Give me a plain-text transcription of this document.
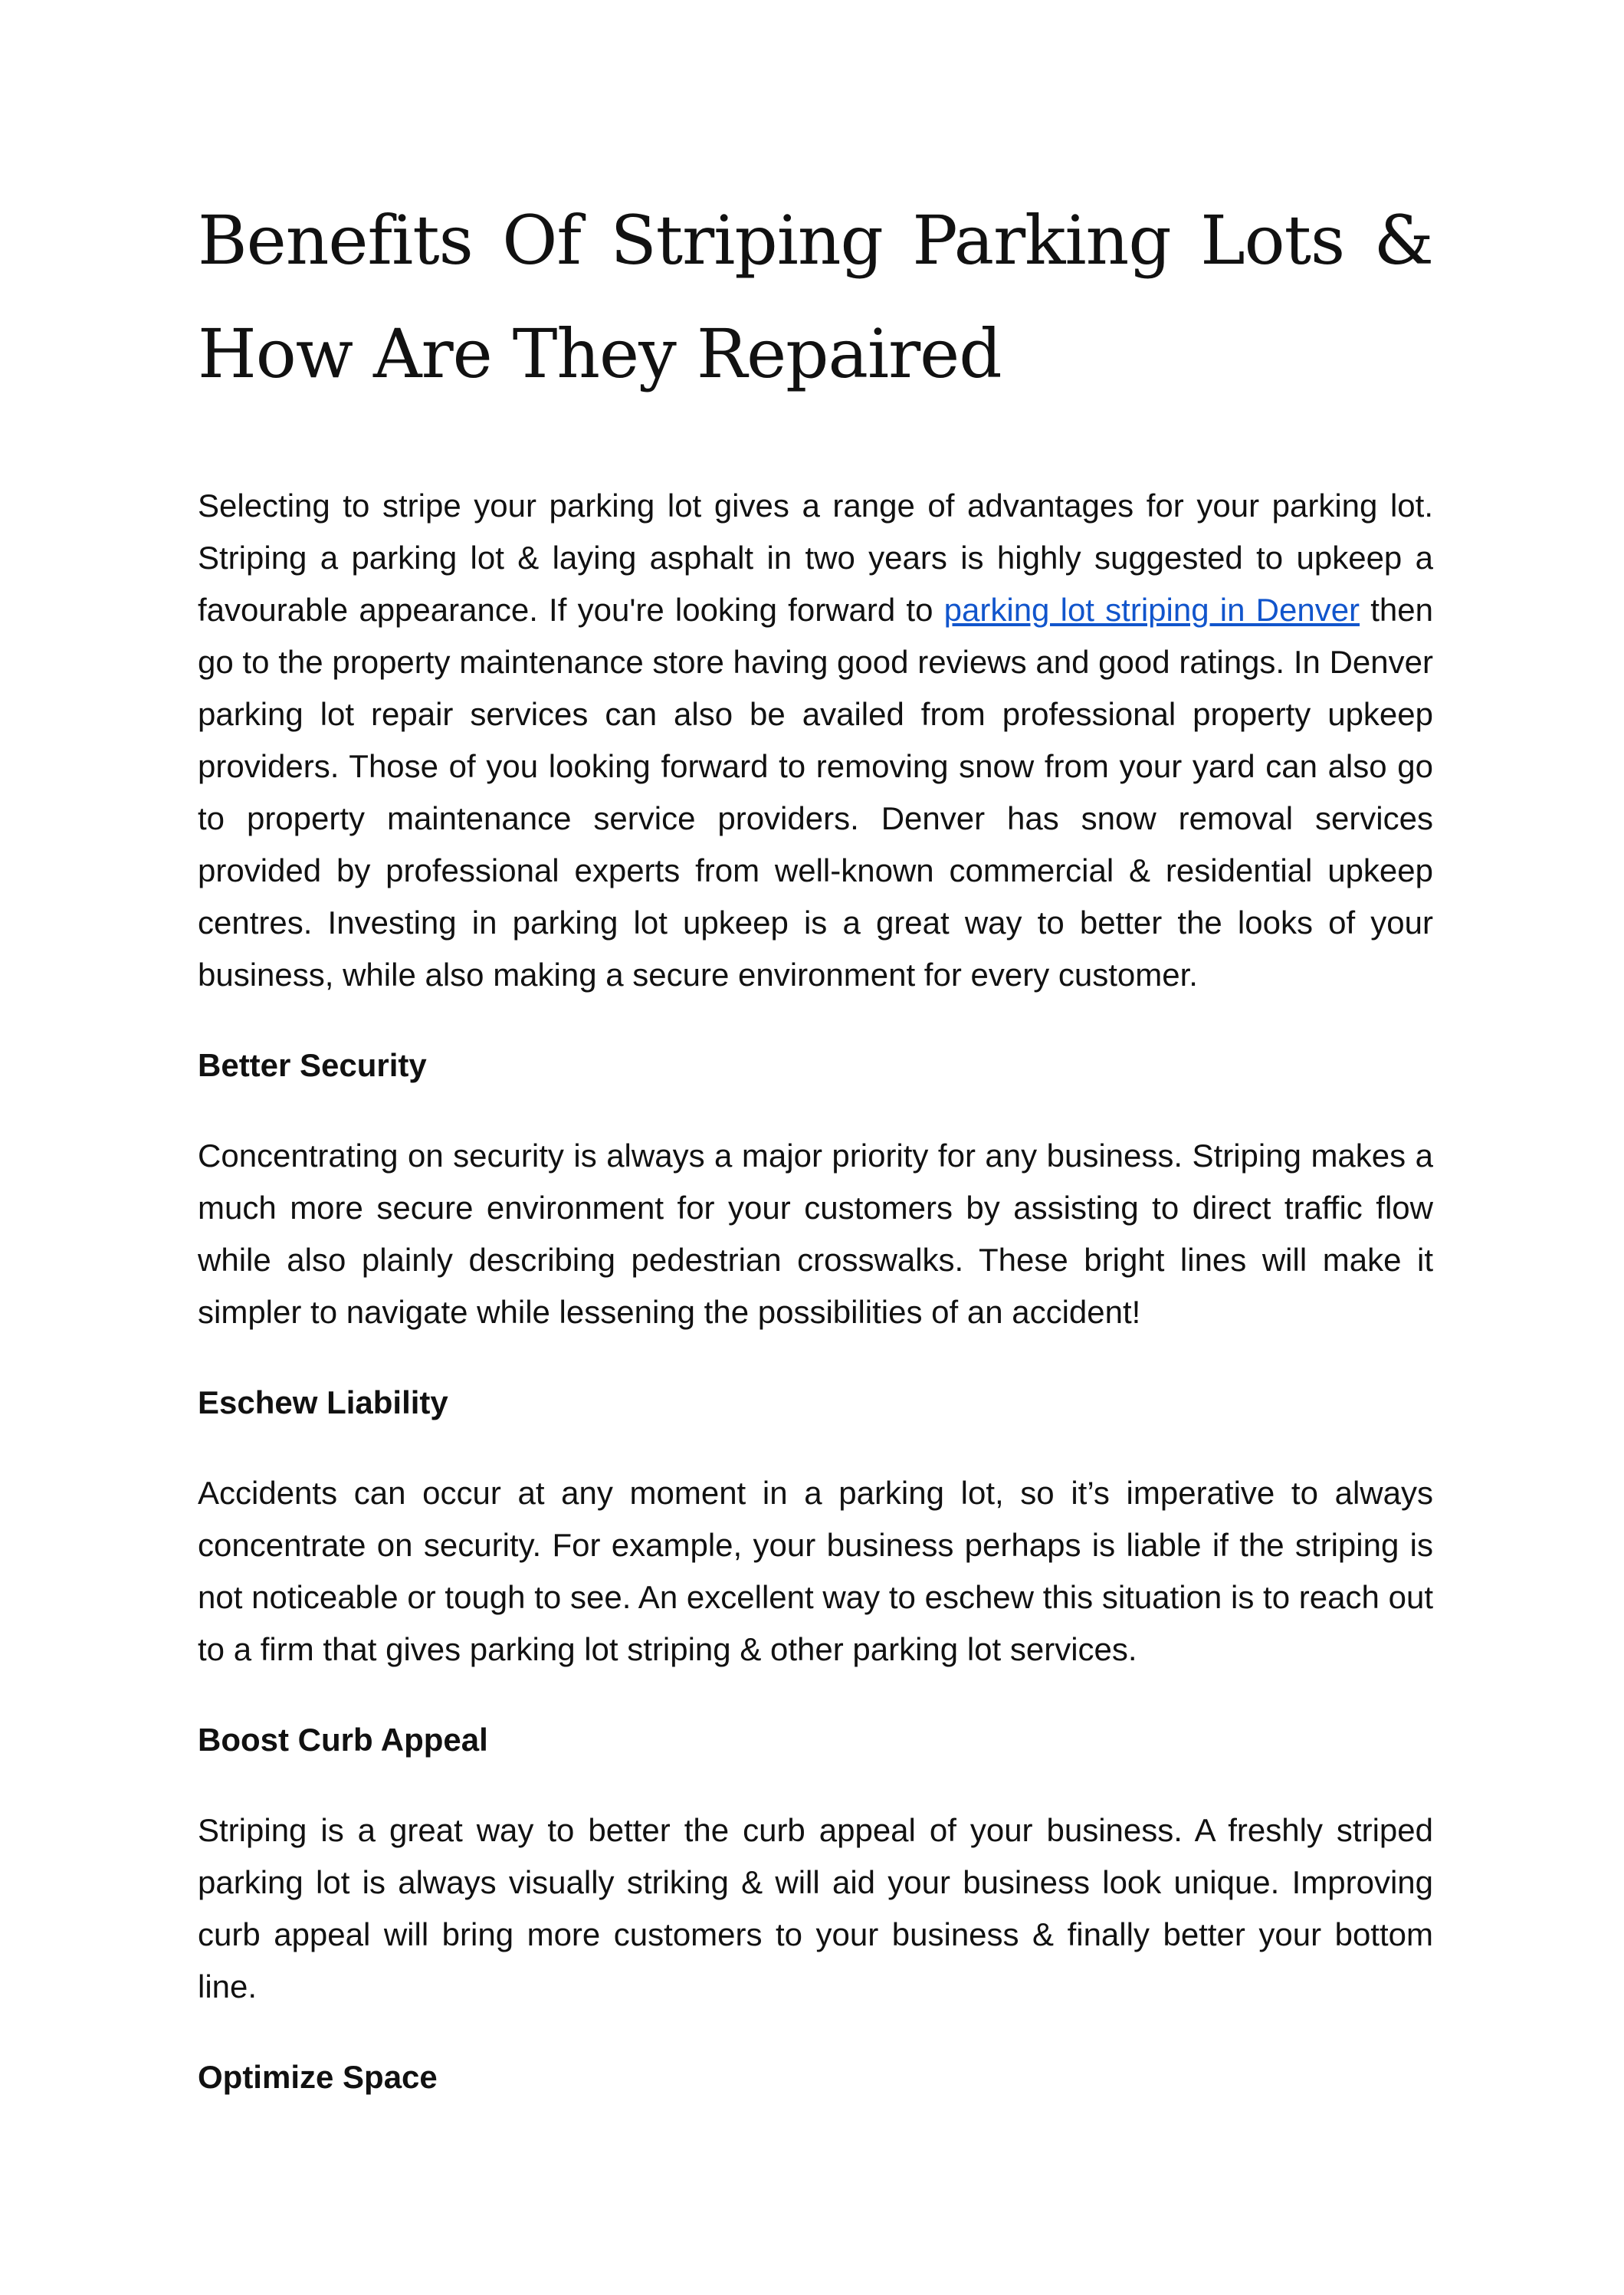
Benefits Of Striping Parking Lots & How Are They Repaired

Selecting to stripe your parking lot gives a range of advantages for your parking lot. Striping a parking lot & laying asphalt in two years is highly suggested to upkeep a favourable appearance. If you're looking forward to parking lot striping in Denver then go to the property maintenance store having good reviews and good ratings. In Denver parking lot repair services can also be availed from professional property upkeep providers. Those of you looking forward to removing snow from your yard can also go to property maintenance service providers. Denver has snow removal services provided by professional experts from well-known commercial & residential upkeep centres. Investing in parking lot upkeep is a great way to better the looks of your business, while also making a secure environment for every customer.

Better Security

Concentrating on security is always a major priority for any business. Striping makes a much more secure environment for your customers by assisting to direct traffic flow while also plainly describing pedestrian crosswalks. These bright lines will make it simpler to navigate while lessening the possibilities of an accident!

Eschew Liability

Accidents can occur at any moment in a parking lot, so it’s imperative to always concentrate on security. For example, your business perhaps is liable if the striping is not noticeable or tough to see. An excellent way to eschew this situation is to reach out to a firm that gives parking lot striping & other parking lot services.

Boost Curb Appeal

Striping is a great way to better the curb appeal of your business. A freshly striped parking lot is always visually striking & will aid your business look unique. Improving curb appeal will bring more customers to your business & finally better your bottom line.

Optimize Space
